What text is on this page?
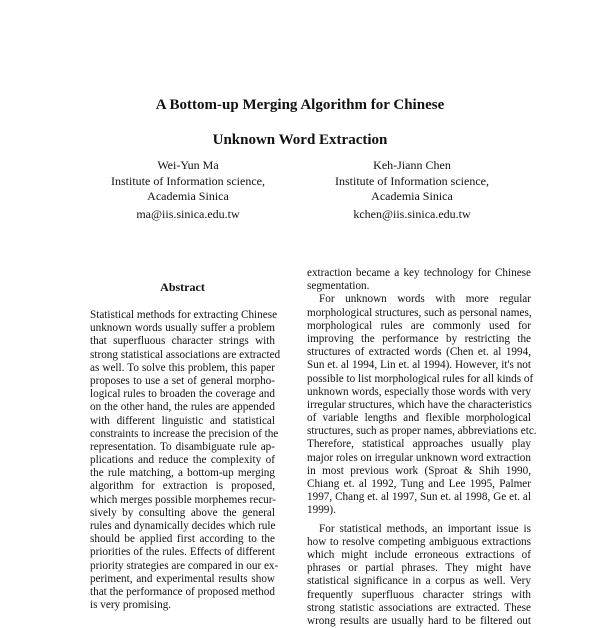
A Bottom-up Merging Algorithm for Chinese
Unknown Word Extraction
Wei-Yun Ma
Institute of Information science,
Academia Sinica
ma@iis.sinica.edu.tw
Keh-Jiann Chen
Institute of Information science,
Academia Sinica
kchen@iis.sinica.edu.tw
Abstract
Statistical methods for extracting Chinese
unknown words usually suffer a problem
that superfluous character strings with
strong statistical associations are extracted
as well. To solve this problem, this paper
proposes to use a set of general morpho-
logical rules to broaden the coverage and
on the other hand, the rules are appended
with different linguistic and statistical
constraints to increase the precision of the
representation. To disambiguate rule ap-
plications and reduce the complexity of
the rule matching, a bottom-up merging
algorithm for extraction is proposed,
which merges possible morphemes recur-
sively by consulting above the general
rules and dynamically decides which rule
should be applied first according to the
priorities of the rules. Effects of different
priority strategies are compared in our ex-
periment, and experimental results show
that the performance of proposed method
is very promising.
extraction became a key technology for Chinese
segmentation.
For unknown words with more regular
morphological structures, such as personal names,
morphological rules are commonly used for
improving the performance by restricting the
structures of extracted words (Chen et. al 1994,
Sun et. al 1994, Lin et. al 1994). However, it's not
possible to list morphological rules for all kinds of
unknown words, especially those words with very
irregular structures, which have the characteristics
of variable lengths and flexible morphological
structures, such as proper names, abbreviations etc.
Therefore, statistical approaches usually play
major roles on irregular unknown word extraction
in most previous work (Sproat & Shih 1990,
Chiang et. al 1992, Tung and Lee 1995, Palmer
1997, Chang et. al 1997, Sun et. al 1998, Ge et. al
1999).
For statistical methods, an important issue is
how to resolve competing ambiguous extractions
which might include erroneous extractions of
phrases or partial phrases. They might have
statistical significance in a corpus as well. Very
frequently superfluous character strings with
strong statistic associations are extracted. These
wrong results are usually hard to be filtered out
